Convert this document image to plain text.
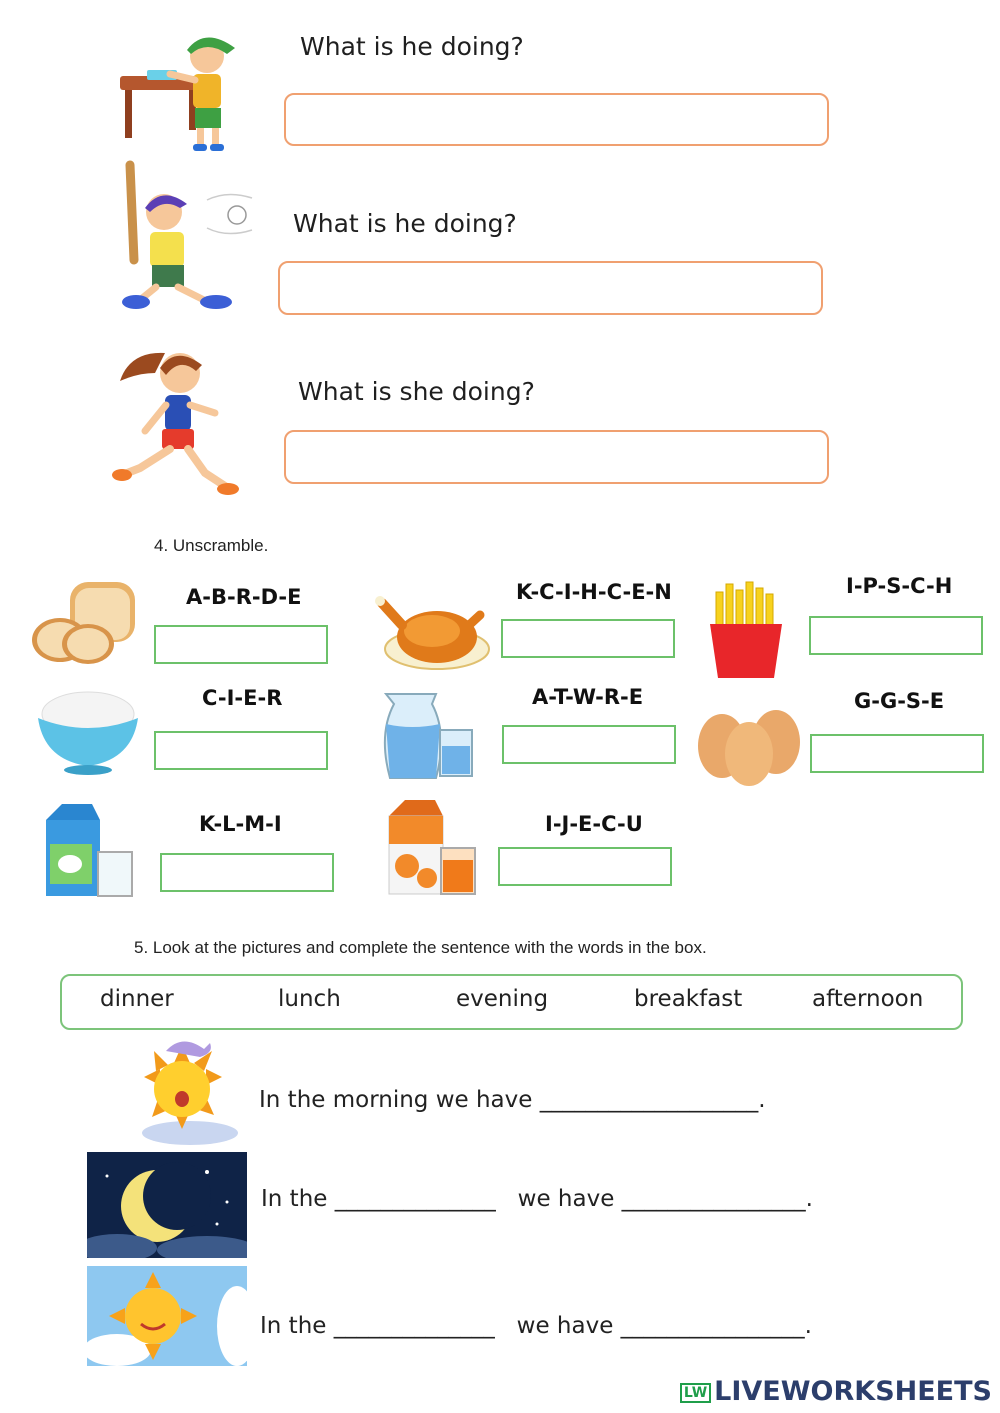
What is he doing?
What is he doing?
What is she doing?
4. Unscramble.
A-B-R-D-E	K-C-I-H-C-E-N	I-P-S-C-H
C-I-E-R	A-T-W-R-E	G-G-S-E
K-L-M-I	I-J-E-C-U
5. Look at the pictures and complete the sentence with the words in the box.
dinner	lunch	evening	breakfast	afternoon
In the morning we have ___________________.
In the ______________   we have ________________.
In the ______________   we have ________________.
LW LIVEWORKSHEETS
